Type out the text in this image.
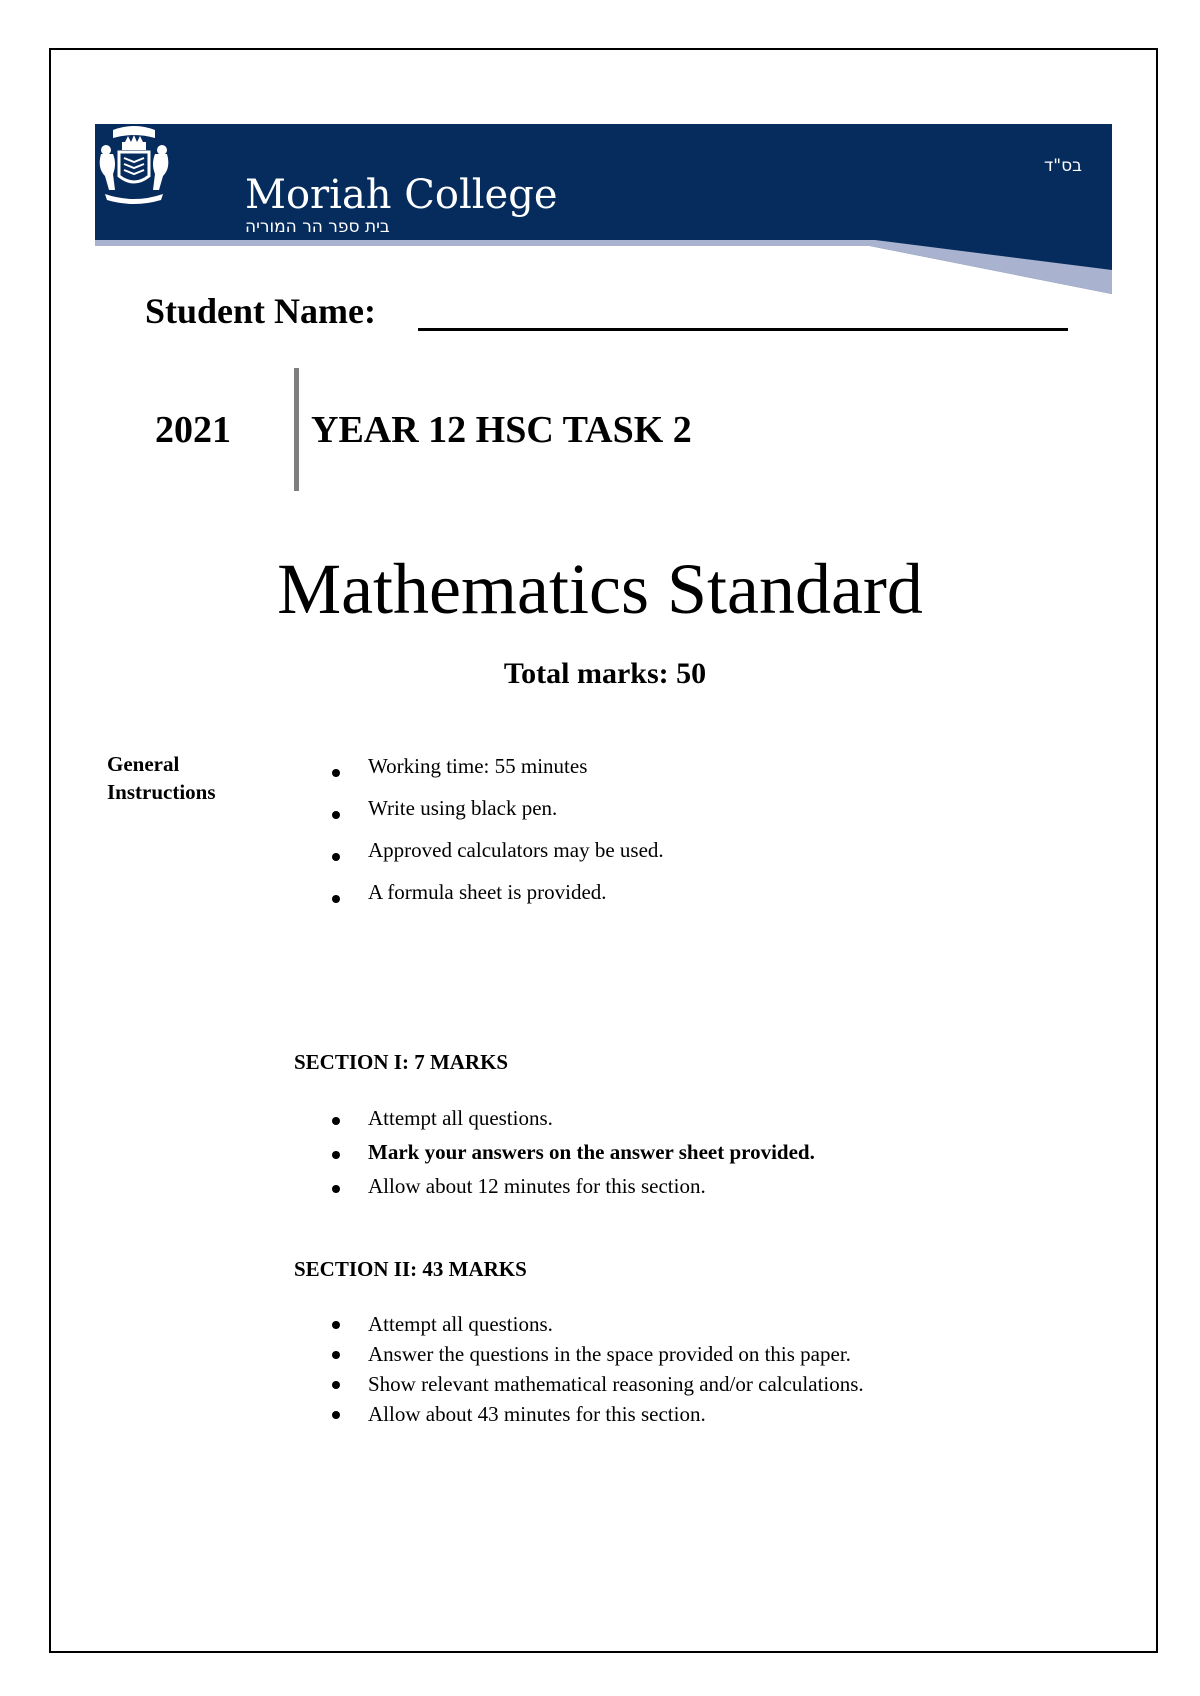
Moriah College
בית ספר הר המוריה
בס"ד
Student Name:
2021 YEAR 12 HSC TASK 2
Mathematics Standard
Total marks: 50
General
Instructions
Working time: 55 minutes
Write using black pen.
Approved calculators may be used.
A formula sheet is provided.
SECTION I: 7 MARKS
Attempt all questions.
Mark your answers on the answer sheet provided.
Allow about 12 minutes for this section.
SECTION II: 43 MARKS
Attempt all questions.
Answer the questions in the space provided on this paper.
Show relevant mathematical reasoning and/or calculations.
Allow about 43 minutes for this section.
